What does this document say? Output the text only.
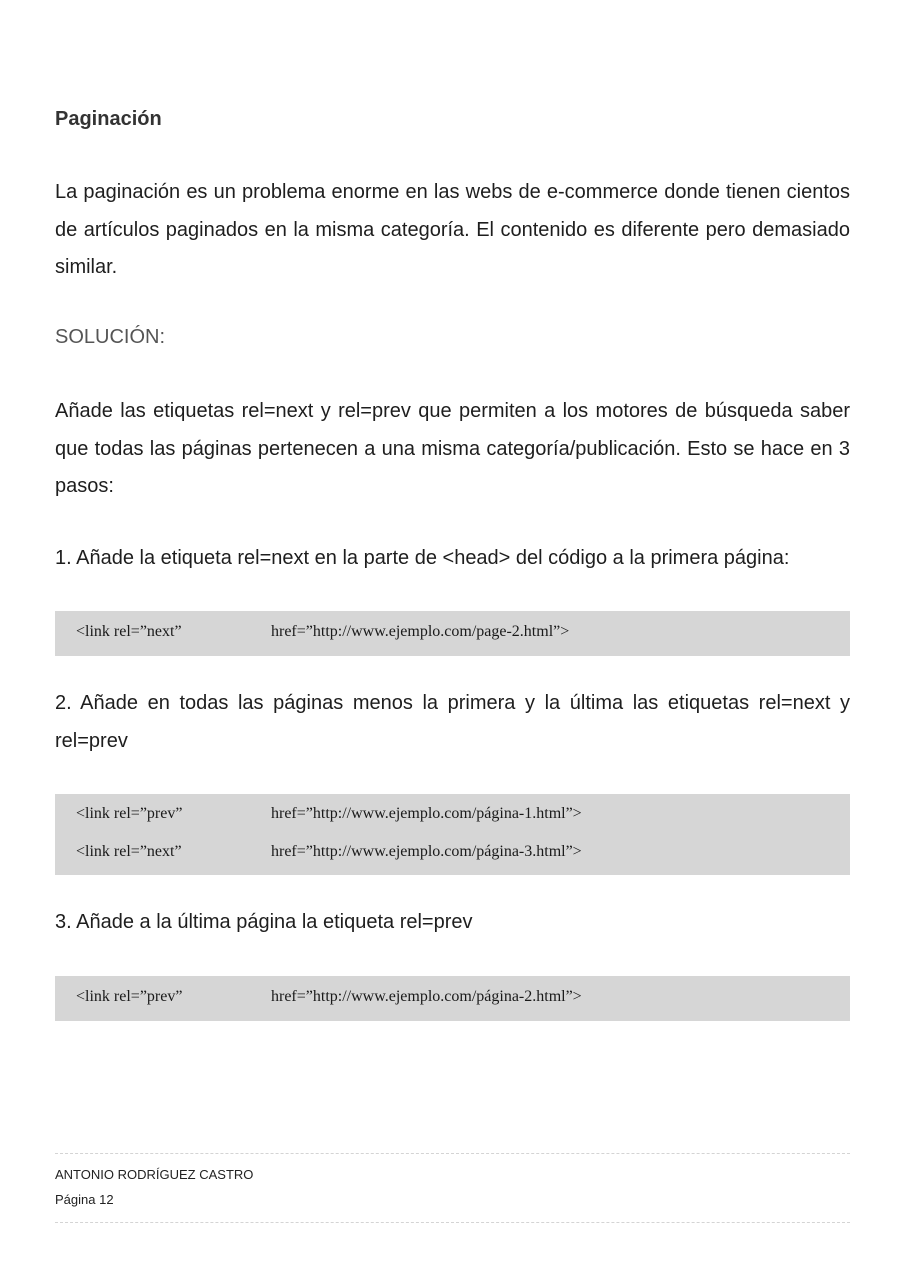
Paginación
La paginación es un problema enorme en las webs de e-commerce donde tienen cientos de artículos paginados en la misma categoría. El contenido es diferente pero demasiado similar.
SOLUCIÓN:
Añade las etiquetas rel=next y rel=prev que permiten a los motores de búsqueda saber que todas las páginas pertenecen a una misma categoría/publicación. Esto se hace en 3 pasos:
1. Añade la etiqueta rel=next en la parte de <head> del código a la primera página:
<link rel=”next”	href=”http://www.ejemplo.com/page-2.html”>
2. Añade en todas las páginas menos la primera y la última las etiquetas rel=next y rel=prev
<link rel=”prev”	href=”http://www.ejemplo.com/página-1.html”>
<link rel=”next”	href=”http://www.ejemplo.com/página-3.html”>
3. Añade a la última página la etiqueta rel=prev
<link rel=”prev”	href=”http://www.ejemplo.com/página-2.html”>
ANTONIO RODRÍGUEZ CASTRO
Página 12
